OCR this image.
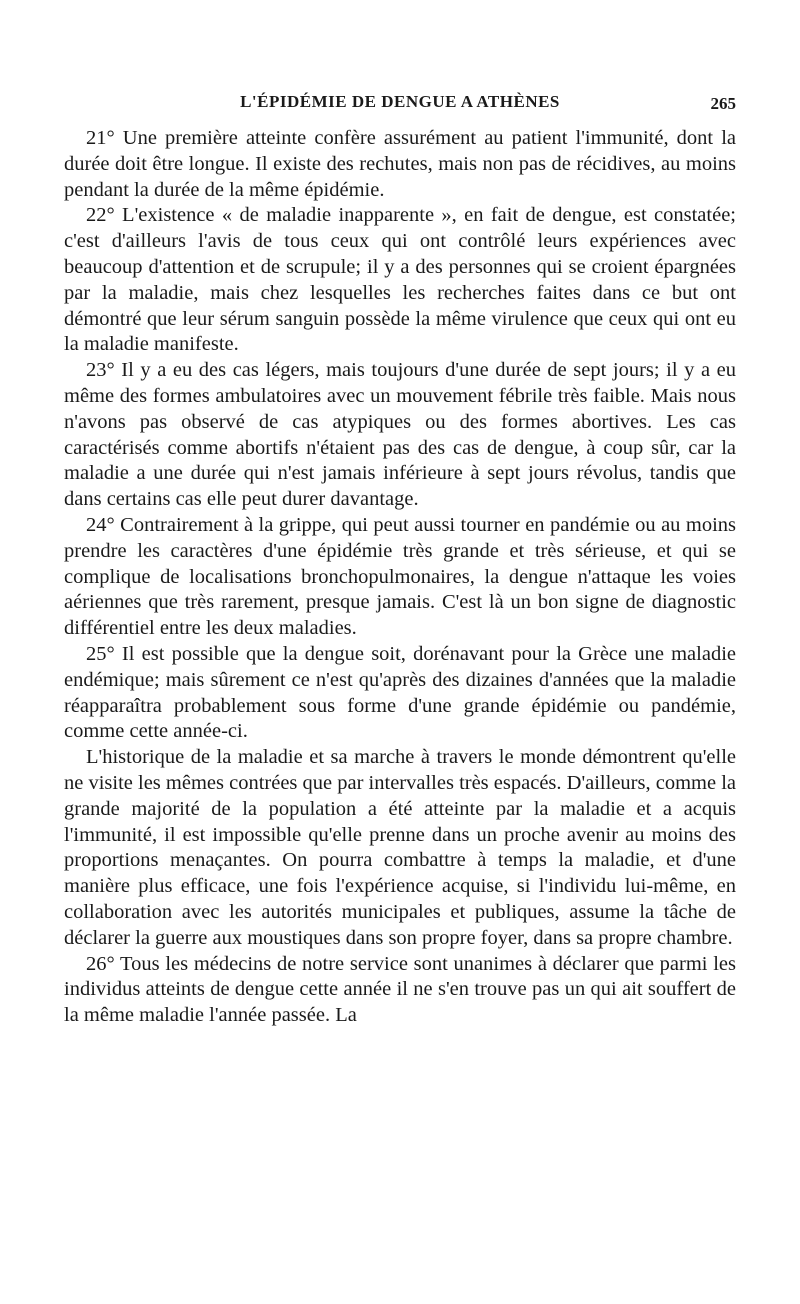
L'ÉPIDÉMIE DE DENGUE A ATHÈNES	265

21° Une première atteinte confère assurément au patient l'immunité, dont la durée doit être longue. Il existe des rechutes, mais non pas de récidives, au moins pendant la durée de la même épidémie.

22° L'existence « de maladie inapparente », en fait de dengue, est constatée; c'est d'ailleurs l'avis de tous ceux qui ont contrôlé leurs expériences avec beaucoup d'attention et de scrupule; il y a des personnes qui se croient épargnées par la maladie, mais chez lesquelles les recherches faites dans ce but ont démontré que leur sérum sanguin possède la même virulence que ceux qui ont eu la maladie manifeste.

23° Il y a eu des cas légers, mais toujours d'une durée de sept jours; il y a eu même des formes ambulatoires avec un mouvement fébrile très faible. Mais nous n'avons pas observé de cas atypiques ou des formes abortives. Les cas caractérisés comme abortifs n'étaient pas des cas de dengue, à coup sûr, car la maladie a une durée qui n'est jamais inférieure à sept jours révolus, tandis que dans certains cas elle peut durer davantage.

24° Contrairement à la grippe, qui peut aussi tourner en pandémie ou au moins prendre les caractères d'une épidémie très grande et très sérieuse, et qui se complique de localisations bronchopulmonaires, la dengue n'attaque les voies aériennes que très rarement, presque jamais. C'est là un bon signe de diagnostic différentiel entre les deux maladies.

25° Il est possible que la dengue soit, dorénavant pour la Grèce une maladie endémique; mais sûrement ce n'est qu'après des dizaines d'années que la maladie réapparaîtra probablement sous forme d'une grande épidémie ou pandémie, comme cette année-ci.

L'historique de la maladie et sa marche à travers le monde démontrent qu'elle ne visite les mêmes contrées que par intervalles très espacés. D'ailleurs, comme la grande majorité de la population a été atteinte par la maladie et a acquis l'immunité, il est impossible qu'elle prenne dans un proche avenir au moins des proportions menaçantes. On pourra combattre à temps la maladie, et d'une manière plus efficace, une fois l'expérience acquise, si l'individu lui-même, en collaboration avec les autorités municipales et publiques, assume la tâche de déclarer la guerre aux moustiques dans son propre foyer, dans sa propre chambre.

26° Tous les médecins de notre service sont unanimes à déclarer que parmi les individus atteints de dengue cette année il ne s'en trouve pas un qui ait souffert de la même maladie l'année passée. La
